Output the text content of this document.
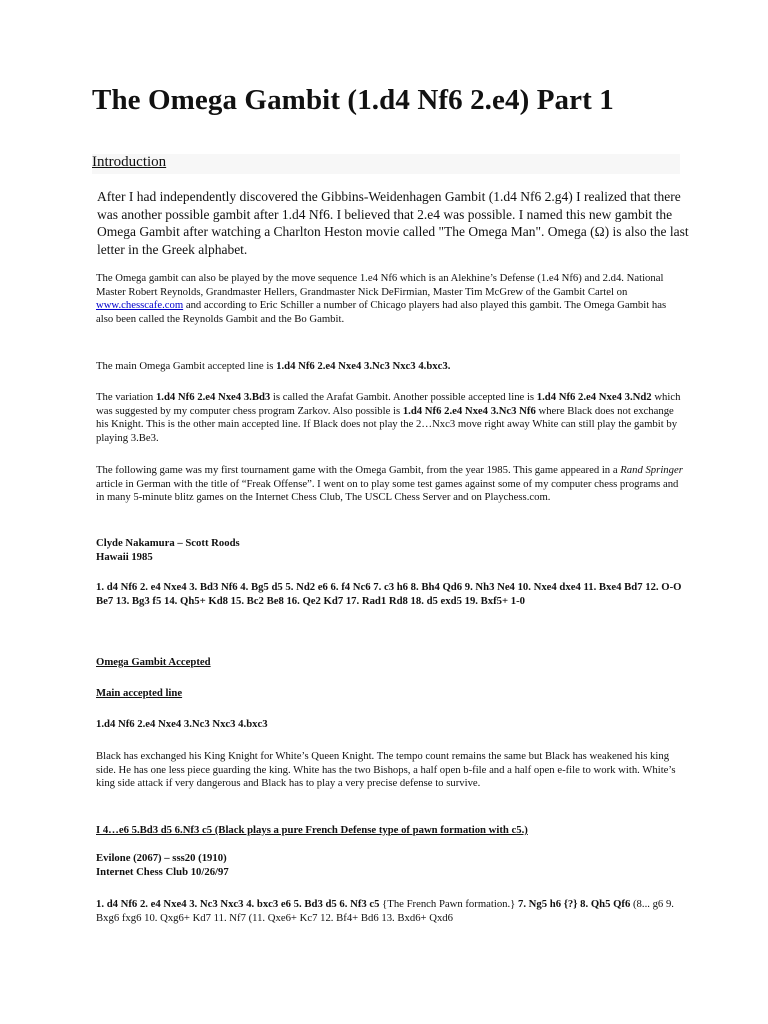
The Omega Gambit (1.d4 Nf6 2.e4) Part 1
Introduction
After I had independently discovered the Gibbins-Weidenhagen Gambit (1.d4 Nf6 2.g4) I realized that there was another possible gambit after 1.d4 Nf6. I believed that 2.e4 was possible. I named this new gambit the Omega Gambit after watching a Charlton Heston movie called "The Omega Man". Omega (Ω) is also the last letter in the Greek alphabet.
The Omega gambit can also be played by the move sequence 1.e4 Nf6 which is an Alekhine’s Defense (1.e4 Nf6) and 2.d4. National Master Robert Reynolds, Grandmaster Hellers, Grandmaster Nick DeFirmian, Master Tim McGrew of the Gambit Cartel on www.chesscafe.com and according to Eric Schiller a number of Chicago players had also played this gambit. The Omega Gambit has also been called the Reynolds Gambit and the Bo Gambit.
The main Omega Gambit accepted line is 1.d4 Nf6 2.e4 Nxe4 3.Nc3 Nxc3 4.bxc3.
The variation 1.d4 Nf6 2.e4 Nxe4 3.Bd3 is called the Arafat Gambit. Another possible accepted line is 1.d4 Nf6 2.e4 Nxe4 3.Nd2 which was suggested by my computer chess program Zarkov. Also possible is 1.d4 Nf6 2.e4 Nxe4 3.Nc3 Nf6 where Black does not exchange his Knight. This is the other main accepted line. If Black does not play the 2…Nxc3 move right away White can still play the gambit by playing 3.Be3.
The following game was my first tournament game with the Omega Gambit, from the year 1985. This game appeared in a Rand Springer article in German with the title of “Freak Offense”. I went on to play some test games against some of my computer chess programs and in many 5-minute blitz games on the Internet Chess Club, The USCL Chess Server and on Playchess.com.
Clyde Nakamura – Scott Roods
Hawaii 1985
1. d4 Nf6 2. e4 Nxe4 3. Bd3 Nf6 4. Bg5 d5 5. Nd2 e6 6. f4 Nc6 7. c3 h6 8. Bh4 Qd6 9. Nh3 Ne4 10. Nxe4 dxe4 11. Bxe4 Bd7 12. O-O Be7 13. Bg3 f5 14. Qh5+ Kd8 15. Bc2 Be8 16. Qe2 Kd7 17. Rad1 Rd8 18. d5 exd5 19. Bxf5+ 1-0
Omega Gambit Accepted
Main accepted line
1.d4 Nf6 2.e4 Nxe4 3.Nc3 Nxc3 4.bxc3
Black has exchanged his King Knight for White’s Queen Knight. The tempo count remains the same but Black has weakened his king side. He has one less piece guarding the king. White has the two Bishops, a half open b-file and a half open e-file to work with. White’s king side attack if very dangerous and Black has to play a very precise defense to survive.
I 4…e6 5.Bd3 d5 6.Nf3 c5 (Black plays a pure French Defense type of pawn formation with c5.)
Evilone (2067) – sss20 (1910)
Internet Chess Club 10/26/97
1. d4 Nf6 2. e4 Nxe4 3. Nc3 Nxc3 4. bxc3 e6 5. Bd3 d5 6. Nf3 c5 {The French Pawn formation.} 7. Ng5 h6 {?} 8. Qh5 Qf6 (8... g6 9. Bxg6 fxg6 10. Qxg6+ Kd7 11. Nf7 (11. Qxe6+ Kc7 12. Bf4+ Bd6 13. Bxd6+ Qxd6
